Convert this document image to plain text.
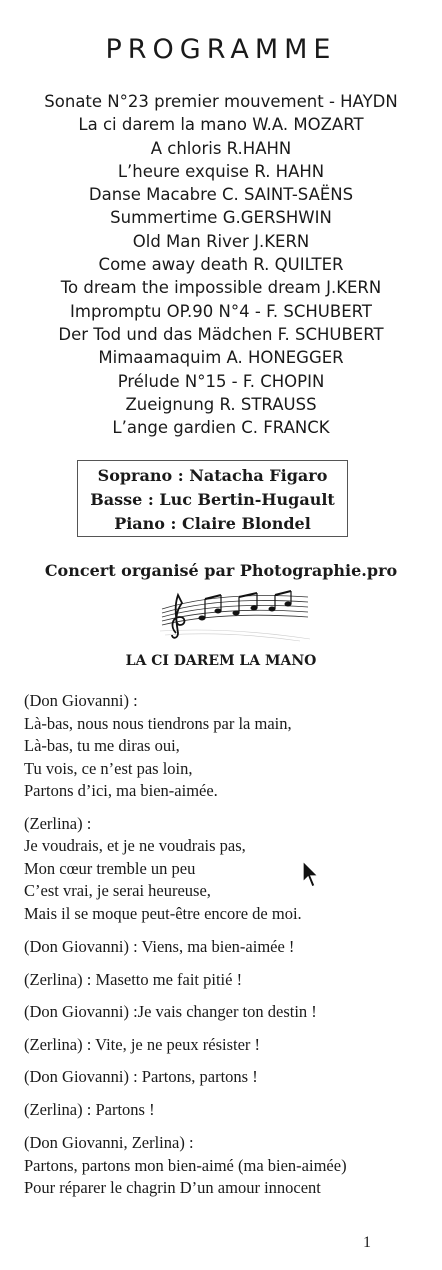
PROGRAMME
Sonate N°23 premier mouvement - HAYDN
La ci darem la mano W.A. MOZART
A chloris R.HAHN
L’heure exquise R. HAHN
Danse Macabre C. SAINT-SAËNS
Summertime G.GERSHWIN
Old Man River J.KERN
Come away death R. QUILTER
To dream the impossible dream J.KERN
Impromptu OP.90 N°4 - F. SCHUBERT
Der Tod und das Mädchen F. SCHUBERT
Mimaamaquim A. HONEGGER
Prélude N°15 - F. CHOPIN
Zueignung R. STRAUSS
L’ange gardien C. FRANCK
Soprano : Natacha Figaro
Basse : Luc Bertin-Hugault
Piano : Claire Blondel
Concert organisé par Photographie.pro
LA CI DAREM LA MANO
(Don Giovanni) :
Là-bas, nous nous tiendrons par la main,
Là-bas, tu me diras oui,
Tu vois, ce n’est pas loin,
Partons d’ici, ma bien-aimée.
(Zerlina) :
Je voudrais, et je ne voudrais pas,
Mon cœur tremble un peu
C’est vrai, je serai heureuse,
Mais il se moque peut-être encore de moi.
(Don Giovanni) : Viens, ma bien-aimée !
(Zerlina) : Masetto me fait pitié !
(Don Giovanni) :Je vais changer ton destin !
(Zerlina) : Vite, je ne peux résister !
(Don Giovanni) : Partons, partons !
(Zerlina) : Partons !
(Don Giovanni, Zerlina) :
Partons, partons mon bien-aimé (ma bien-aimée)
Pour réparer le chagrin D’un amour innocent
1
